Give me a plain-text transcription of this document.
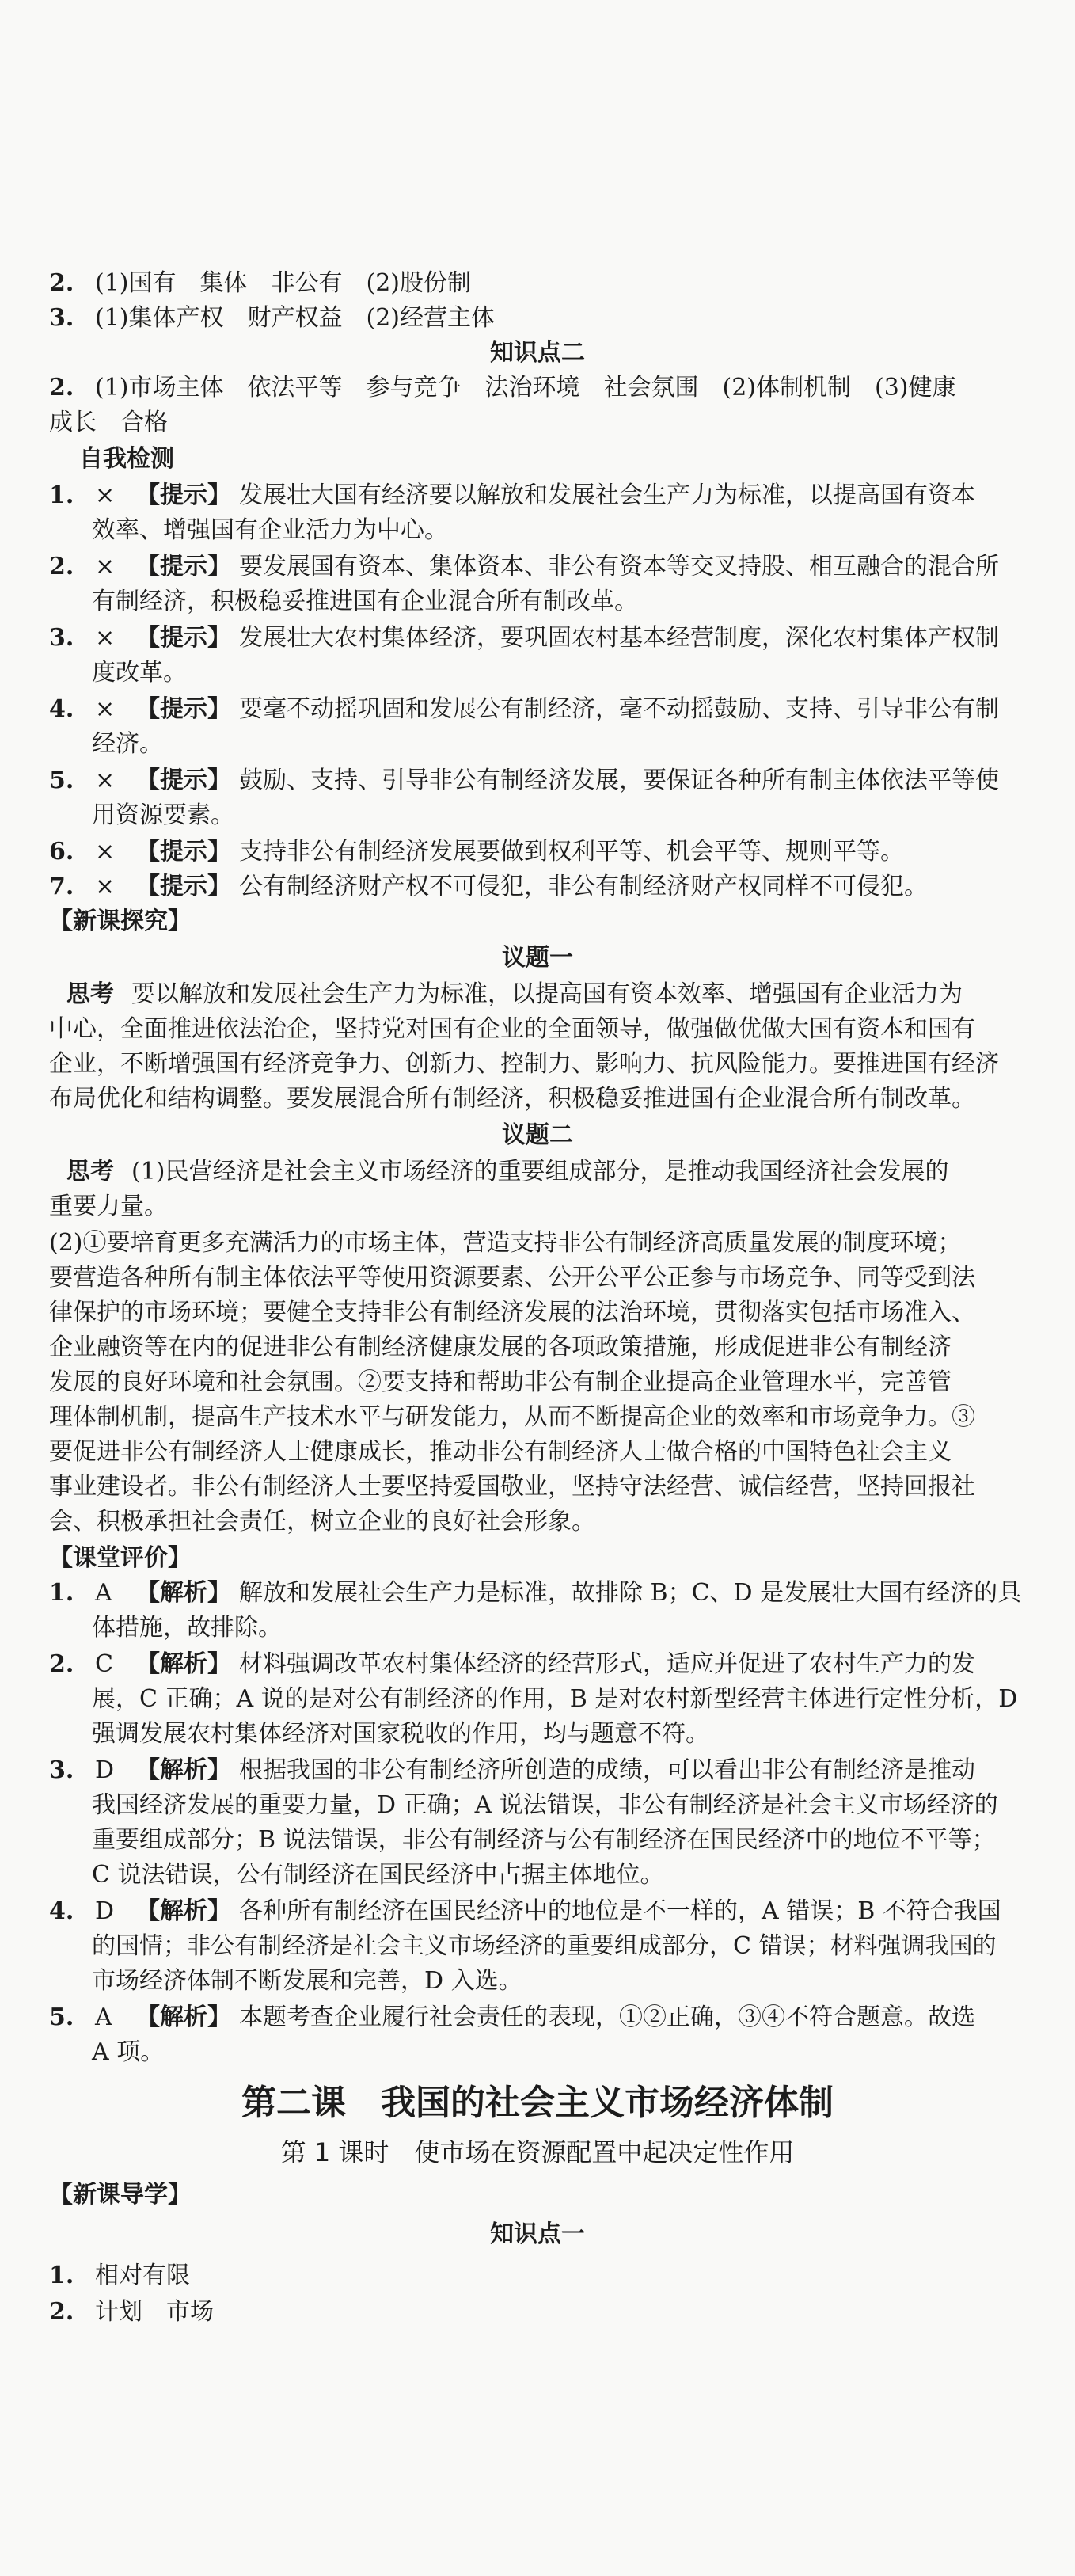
2. (1)国有　集体　非公有　(2)股份制

3. (1)集体产权　财产权益　(2)经营主体

知识点二

2. (1)市场主体　依法平等　参与竞争　法治环境　社会氛围　(2)体制机制　(3)健康

成长　合格

自我检测

1. × 【提示】 发展壮大国有经济要以解放和发展社会生产力为标准，以提高国有资本

效率、增强国有企业活力为中心。

2. × 【提示】 要发展国有资本、集体资本、非公有资本等交叉持股、相互融合的混合所

有制经济，积极稳妥推进国有企业混合所有制改革。

3. × 【提示】 发展壮大农村集体经济，要巩固农村基本经营制度，深化农村集体产权制

度改革。

4. × 【提示】 要毫不动摇巩固和发展公有制经济，毫不动摇鼓励、支持、引导非公有制

经济。

5. × 【提示】 鼓励、支持、引导非公有制经济发展，要保证各种所有制主体依法平等使

用资源要素。

6. × 【提示】 支持非公有制经济发展要做到权利平等、机会平等、规则平等。

7. × 【提示】 公有制经济财产权不可侵犯，非公有制经济财产权同样不可侵犯。

【新课探究】

议题一

思考 要以解放和发展社会生产力为标准，以提高国有资本效率、增强国有企业活力为

中心，全面推进依法治企，坚持党对国有企业的全面领导，做强做优做大国有资本和国有

企业，不断增强国有经济竞争力、创新力、控制力、影响力、抗风险能力。要推进国有经济

布局优化和结构调整。要发展混合所有制经济，积极稳妥推进国有企业混合所有制改革。

议题二

思考 (1)民营经济是社会主义市场经济的重要组成部分，是推动我国经济社会发展的

重要力量。

(2)①要培育更多充满活力的市场主体，营造支持非公有制经济高质量发展的制度环境；

要营造各种所有制主体依法平等使用资源要素、公开公平公正参与市场竞争、同等受到法

律保护的市场环境；要健全支持非公有制经济发展的法治环境，贯彻落实包括市场准入、

企业融资等在内的促进非公有制经济健康发展的各项政策措施，形成促进非公有制经济

发展的良好环境和社会氛围。②要支持和帮助非公有制企业提高企业管理水平，完善管

理体制机制，提高生产技术水平与研发能力，从而不断提高企业的效率和市场竞争力。③

要促进非公有制经济人士健康成长，推动非公有制经济人士做合格的中国特色社会主义

事业建设者。非公有制经济人士要坚持爱国敬业，坚持守法经营、诚信经营，坚持回报社

会、积极承担社会责任，树立企业的良好社会形象。

【课堂评价】

1. A 【解析】 解放和发展社会生产力是标准，故排除 B；C、D 是发展壮大国有经济的具

体措施，故排除。

2. C 【解析】 材料强调改革农村集体经济的经营形式，适应并促进了农村生产力的发

展，C 正确；A 说的是对公有制经济的作用，B 是对农村新型经营主体进行定性分析，D

强调发展农村集体经济对国家税收的作用，均与题意不符。

3. D 【解析】 根据我国的非公有制经济所创造的成绩，可以看出非公有制经济是推动

我国经济发展的重要力量，D 正确；A 说法错误，非公有制经济是社会主义市场经济的

重要组成部分；B 说法错误，非公有制经济与公有制经济在国民经济中的地位不平等；

C 说法错误，公有制经济在国民经济中占据主体地位。

4. D 【解析】 各种所有制经济在国民经济中的地位是不一样的，A 错误；B 不符合我国

的国情；非公有制经济是社会主义市场经济的重要组成部分，C 错误；材料强调我国的

市场经济体制不断发展和完善，D 入选。

5. A 【解析】 本题考查企业履行社会责任的表现，①②正确，③④不符合题意。故选

A 项。

第二课　我国的社会主义市场经济体制

第 1 课时　使市场在资源配置中起决定性作用

【新课导学】

知识点一

1. 相对有限

2. 计划　市场
